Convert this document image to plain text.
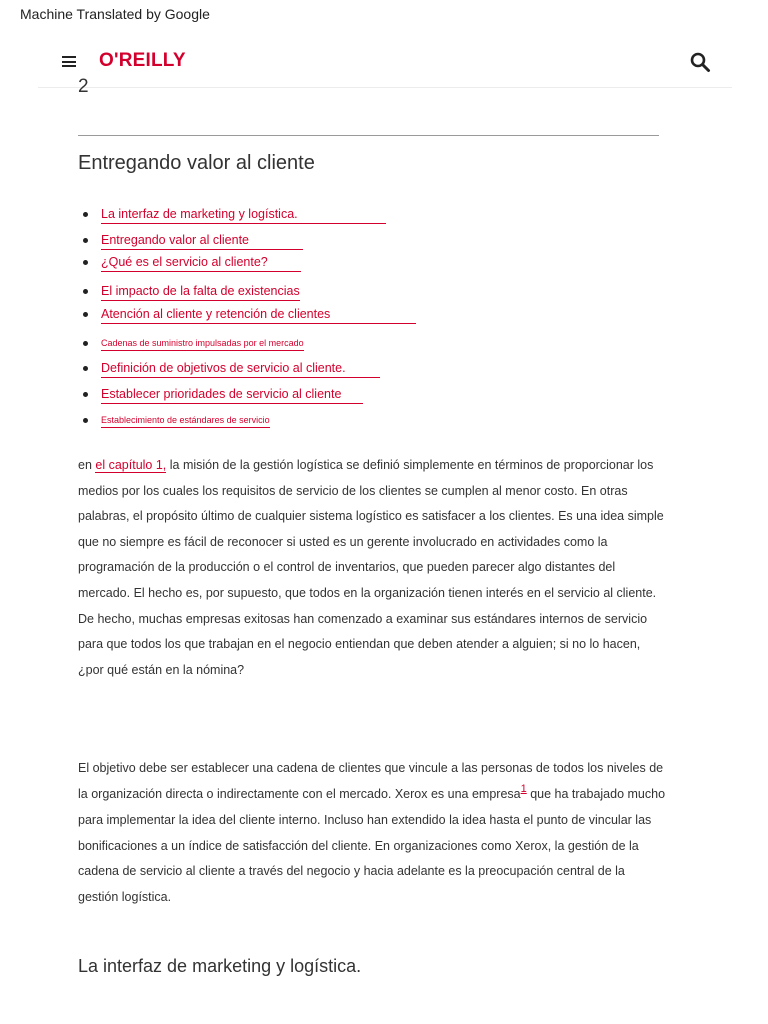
Machine Translated by Google
O'REILLY
2
Entregando valor al cliente
La interfaz de marketing y logística.
Entregando valor al cliente
¿Qué es el servicio al cliente?
El impacto de la falta de existencias
Atención al cliente y retención de clientes
Cadenas de suministro impulsadas por el mercado
Definición de objetivos de servicio al cliente.
Establecer prioridades de servicio al cliente
Establecimiento de estándares de servicio

en el capítulo 1, la misión de la gestión logística se definió simplemente en términos de proporcionar los medios por los cuales los requisitos de servicio de los clientes se cumplen al menor costo. En otras palabras, el propósito último de cualquier sistema logístico es satisfacer a los clientes. Es una idea simple que no siempre es fácil de reconocer si usted es un gerente involucrado en actividades como la programación de la producción o el control de inventarios, que pueden parecer algo distantes del mercado. El hecho es, por supuesto, que todos en la organización tienen interés en el servicio al cliente. De hecho, muchas empresas exitosas han comenzado a examinar sus estándares internos de servicio para que todos los que trabajan en el negocio entiendan que deben atender a alguien; si no lo hacen, ¿por qué están en la nómina?

El objetivo debe ser establecer una cadena de clientes que vincule a las personas de todos los niveles de la organización directa o indirectamente con el mercado. Xerox es una empresa1 que ha trabajado mucho para implementar la idea del cliente interno. Incluso han extendido la idea hasta el punto de vincular las bonificaciones a un índice de satisfacción del cliente. En organizaciones como Xerox, la gestión de la cadena de servicio al cliente a través del negocio y hacia adelante es la preocupación central de la gestión logística.

La interfaz de marketing y logística.
